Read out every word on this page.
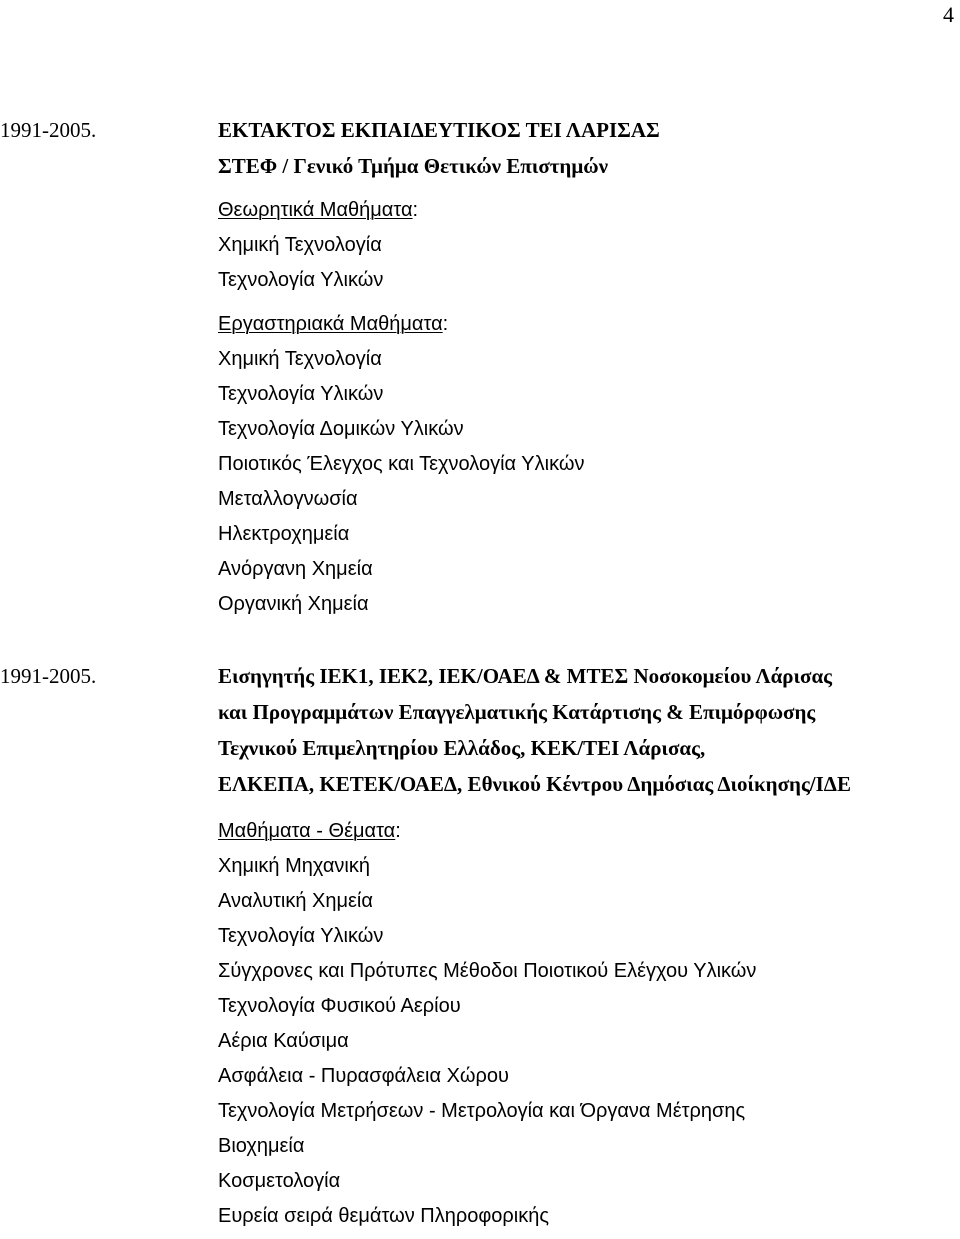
4
1991-2005.	ΕΚΤΑΚΤΟΣ ΕΚΠΑΙΔΕΥΤΙΚΟΣ ΤΕΙ ΛΑΡΙΣΑΣ
ΣΤΕΦ / Γενικό Τμήμα Θετικών Επιστημών
Θεωρητικά Μαθήματα:
Χημική Τεχνολογία
Τεχνολογία Υλικών
Εργαστηριακά Μαθήματα:
Χημική Τεχνολογία
Τεχνολογία Υλικών
Τεχνολογία Δομικών Υλικών
Ποιοτικός Έλεγχος και Τεχνολογία Υλικών
Μεταλλογνωσία
Ηλεκτροχημεία
Ανόργανη Χημεία
Οργανική Χημεία
1991-2005.	Εισηγητής ΙΕΚ1, ΙΕΚ2, ΙΕΚ/ΟΑΕΔ & ΜΤΕΣ Νοσοκομείου Λάρισας
και Προγραμμάτων Επαγγελματικής Κατάρτισης & Επιμόρφωσης
Τεχνικού Επιμελητηρίου Ελλάδος, ΚΕΚ/ΤΕΙ Λάρισας,
ΕΛΚΕΠΑ, ΚΕΤΕΚ/ΟΑΕΔ, Εθνικού Κέντρου Δημόσιας Διοίκησης/ΙΔΕ
Μαθήματα - Θέματα:
Χημική Μηχανική
Αναλυτική Χημεία
Τεχνολογία Υλικών
Σύγχρονες και Πρότυπες Μέθοδοι Ποιοτικού Ελέγχου Υλικών
Τεχνολογία Φυσικού Αερίου
Αέρια Καύσιμα
Ασφάλεια - Πυρασφάλεια Χώρου
Τεχνολογία Μετρήσεων - Μετρολογία και Όργανα Μέτρησης
Βιοχημεία
Κοσμετολογία
Ευρεία σειρά θεμάτων Πληροφορικής
